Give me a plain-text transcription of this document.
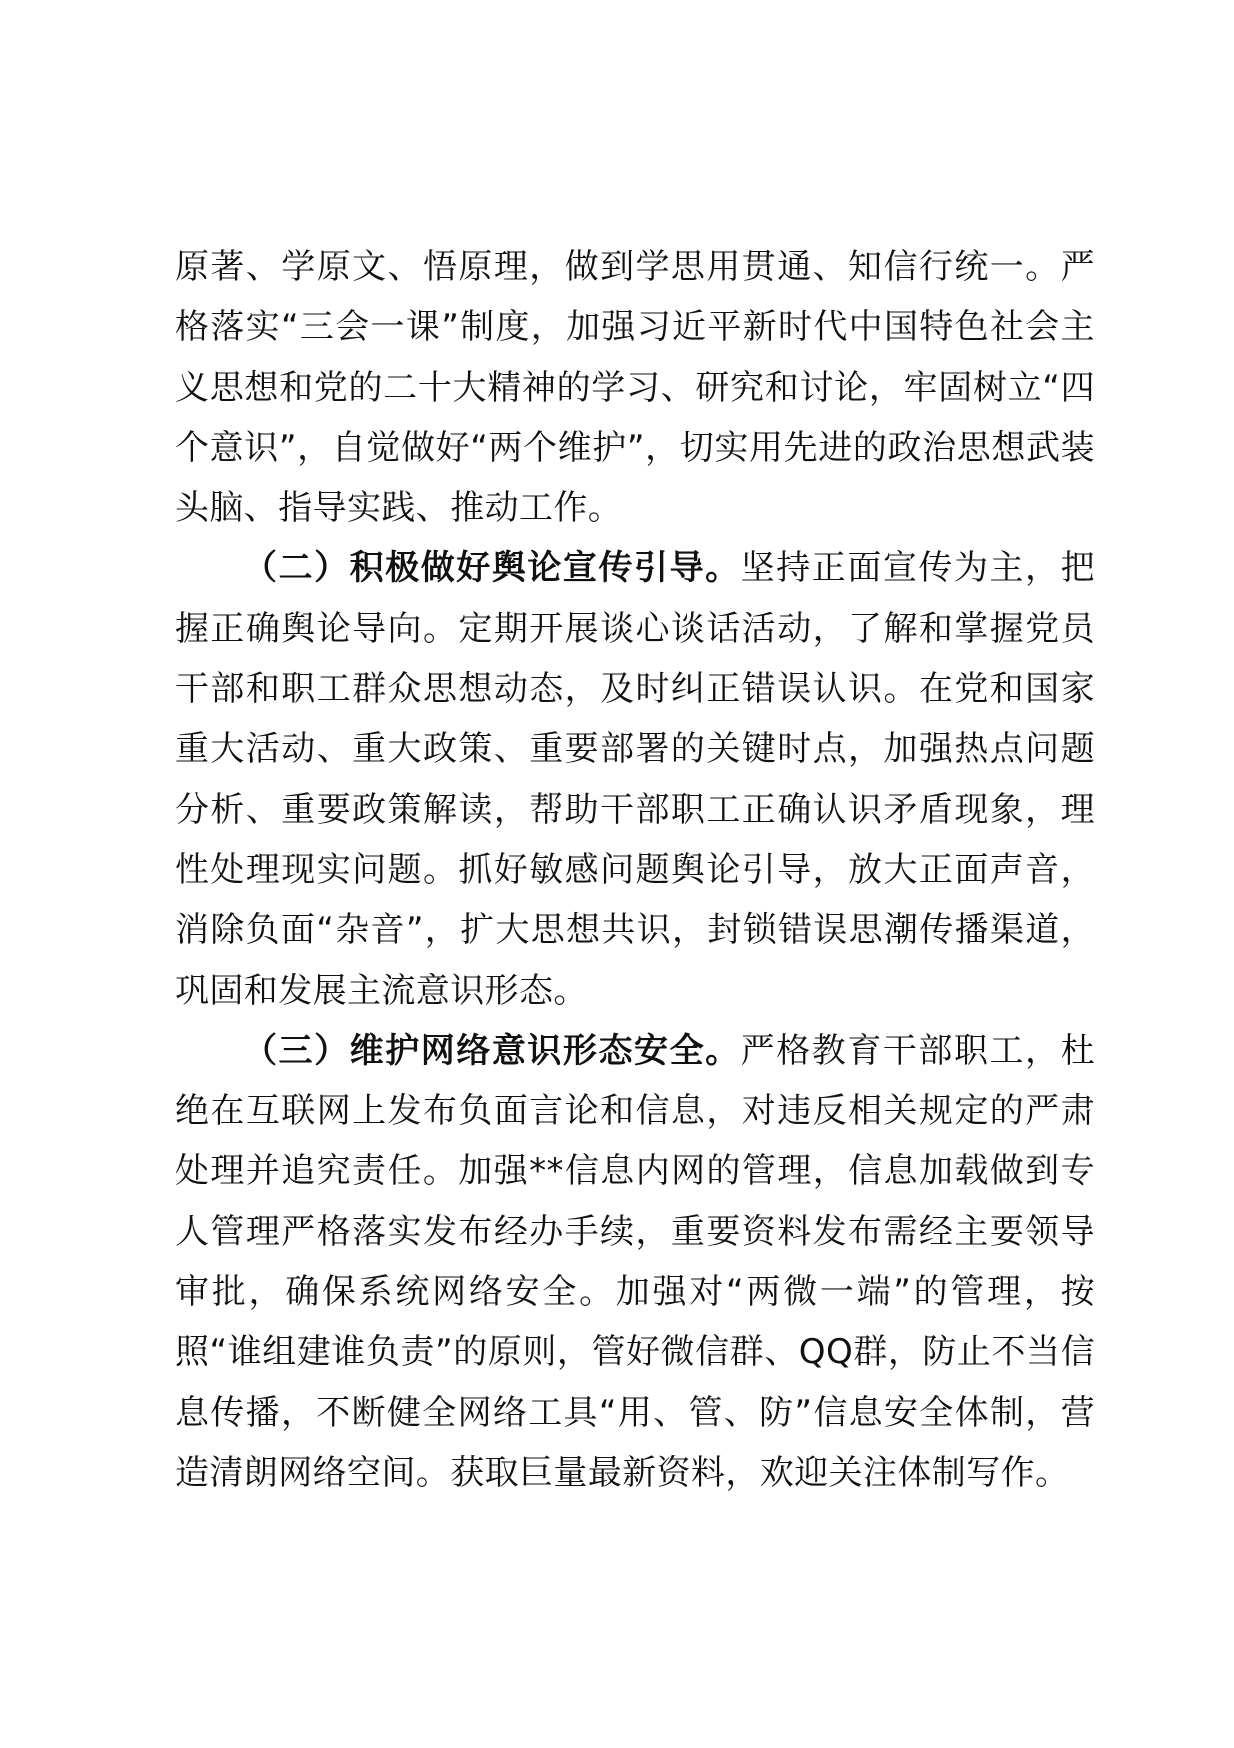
原著、学原文、悟原理，做到学思用贯通、知信行统一。严格落实“三会一课”制度，加强习近平新时代中国特色社会主义思想和党的二十大精神的学习、研究和讨论，牢固树立“四个意识”，自觉做好“两个维护”，切实用先进的政治思想武装头脑、指导实践、推动工作。

（二）积极做好舆论宣传引导。坚持正面宣传为主，把握正确舆论导向。定期开展谈心谈话活动，了解和掌握党员干部和职工群众思想动态，及时纠正错误认识。在党和国家重大活动、重大政策、重要部署的关键时点，加强热点问题分析、重要政策解读，帮助干部职工正确认识矛盾现象，理性处理现实问题。抓好敏感问题舆论引导，放大正面声音，消除负面“杂音”，扩大思想共识，封锁错误思潮传播渠道，巩固和发展主流意识形态。

（三）维护网络意识形态安全。严格教育干部职工，杜绝在互联网上发布负面言论和信息，对违反相关规定的严肃处理并追究责任。加强**信息内网的管理，信息加载做到专人管理严格落实发布经办手续，重要资料发布需经主要领导审批，确保系统网络安全。加强对“两微一端”的管理，按照“谁组建谁负责”的原则，管好微信群、QQ群，防止不当信息传播，不断健全网络工具“用、管、防”信息安全体制，营造清朗网络空间。获取巨量最新资料，欢迎关注体制写作。
